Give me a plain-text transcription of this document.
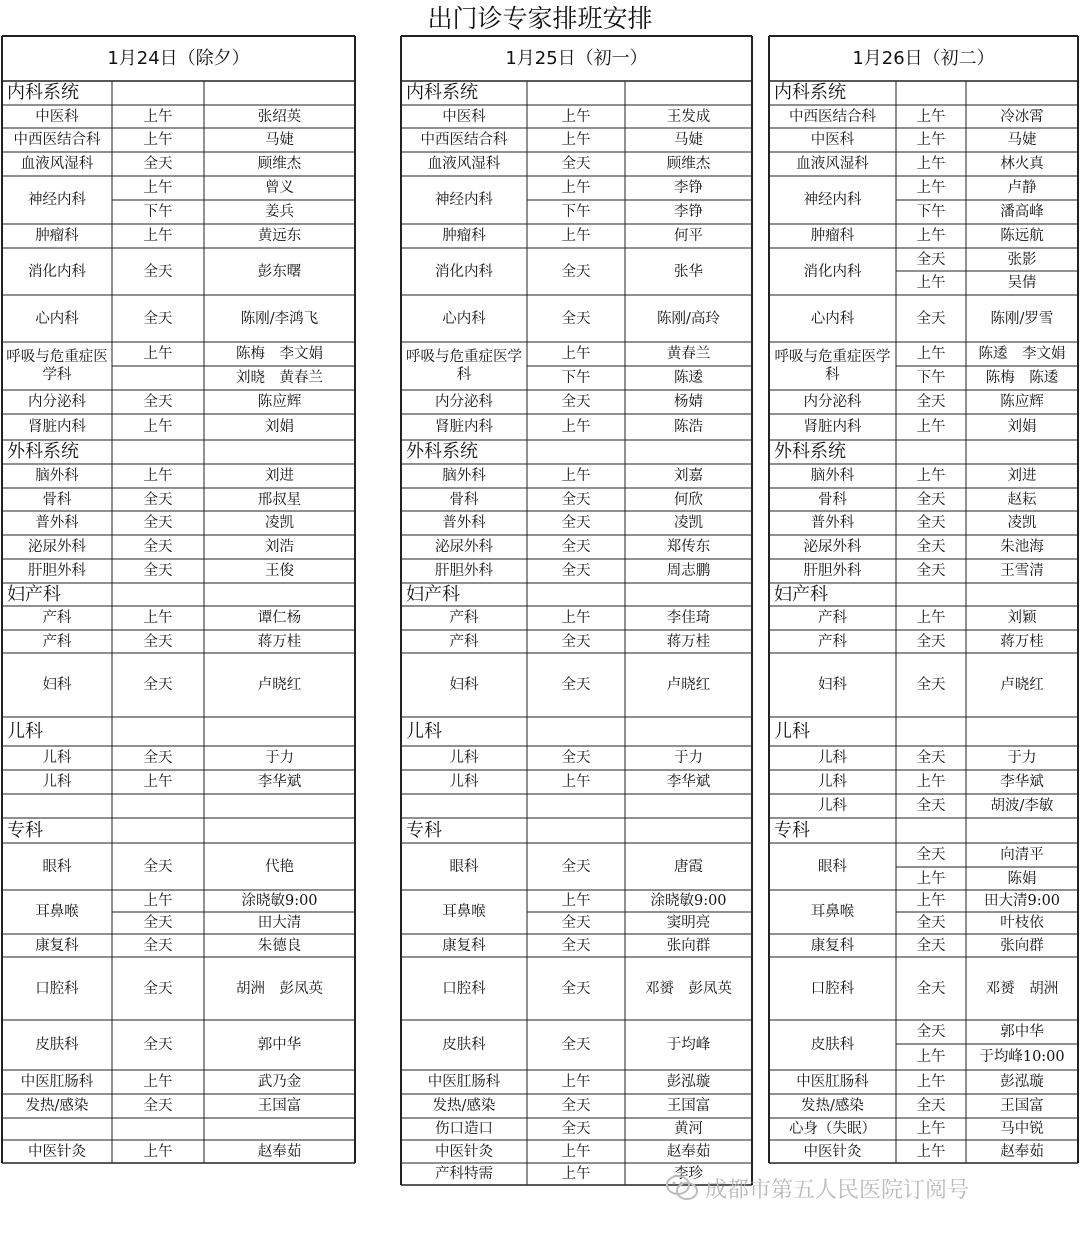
出门诊专家排班安排
1月24日（除夕）
内科系统
外科系统
妇产科
儿科
专科
中医科	上午	张绍英
中西医结合科	上午	马婕
血液风湿科	全天	顾维杰
神经内科
上午	曾义
下午	姜兵
肿瘤科	上午	黄远东
消化内科	全天	彭东曙
心内科	全天	陈刚/李鸿飞
呼吸与危重症医学科
上午	陈梅　李文娟
刘晓　黄春兰
内分泌科	全天	陈应辉
肾脏内科	上午	刘娟
脑外科	上午	刘进
骨科	全天	邢叔星
普外科	全天	凌凯
泌尿外科	全天	刘浩
肝胆外科	全天	王俊
产科	上午	谭仁杨
产科	全天	蒋万桂
妇科	全天	卢晓红
儿科	全天	于力
儿科	上午	李华斌
眼科	全天	代艳
耳鼻喉
上午	涂晓敏9:00
全天	田大清
康复科	全天	朱德良
口腔科	全天	胡洲　彭凤英
皮肤科	全天	郭中华
中医肛肠科	上午	武乃金
发热/感染	全天	王国富
中医针灸	上午	赵奉茹
1月25日（初一）
内科系统
外科系统
妇产科
儿科
专科
中医科	上午	王发成
中西医结合科	上午	马婕
血液风湿科	全天	顾维杰
神经内科
上午	李铮
下午	李铮
肿瘤科	上午	何平
消化内科	全天	张华
心内科	全天	陈刚/高玲
呼吸与危重症医学科
上午	黄春兰
下午	陈逶
内分泌科	全天	杨婧
肾脏内科	上午	陈浩
脑外科	上午	刘嘉
骨科	全天	何欣
普外科	全天	凌凯
泌尿外科	全天	郑传东
肝胆外科	全天	周志鹏
产科	上午	李佳琦
产科	全天	蒋万桂
妇科	全天	卢晓红
儿科	全天	于力
儿科	上午	李华斌
眼科	全天	唐霞
耳鼻喉
上午	涂晓敏9:00
全天	窦明亮
康复科	全天	张向群
口腔科	全天	邓赟　彭凤英
皮肤科	全天	于均峰
中医肛肠科	上午	彭泓璇
发热/感染	全天	王国富
伤口造口	全天	黄河
中医针灸	上午	赵奉茹
产科特需	上午	李珍
1月26日（初二）
内科系统
外科系统
妇产科
儿科
专科
中西医结合科	上午	冷冰霄
中医科	上午	马婕
血液风湿科	上午	林火真
神经内科
上午	卢静
下午	潘高峰
肿瘤科	上午	陈远航
消化内科
全天	张影
上午	吴倩
心内科	全天	陈刚/罗雪
呼吸与危重症医学科
上午	陈逶　李文娟
下午	陈梅　陈逶
内分泌科	全天	陈应辉
肾脏内科	上午	刘娟
脑外科	上午	刘进
骨科	全天	赵耘
普外科	全天	凌凯
泌尿外科	全天	朱池海
肝胆外科	全天	王雪清
产科	上午	刘颖
产科	全天	蒋万桂
妇科	全天	卢晓红
儿科	全天	于力
儿科	上午	李华斌
儿科	全天	胡波/李敏
眼科
全天	向清平
上午	陈娟
耳鼻喉
上午	田大清9:00
全天	叶枝依
康复科	全天	张向群
口腔科	全天	邓赟　胡洲
皮肤科
全天	郭中华
上午	于均峰10:00
中医肛肠科	上午	彭泓璇
发热/感染	全天	王国富
心身（失眠）	上午	马中锐
中医针灸	上午	赵奉茹
成都市第五人民医院订阅号
